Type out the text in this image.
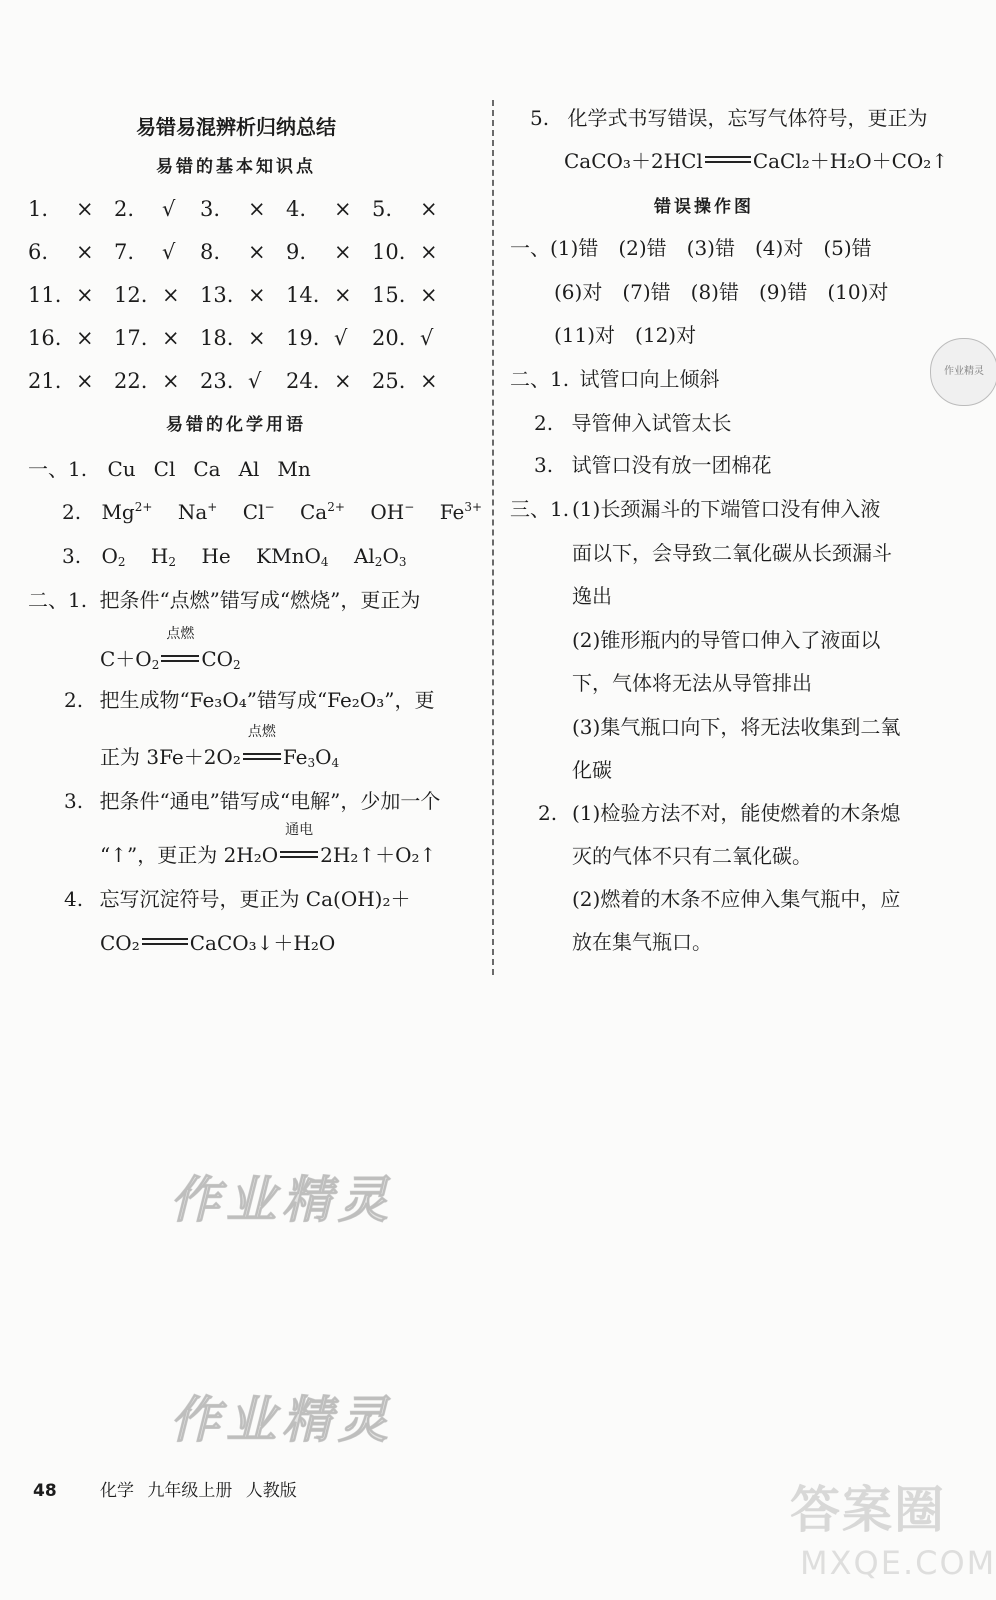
易错易混辨析归纳总结
易错的基本知识点
1. × 2. √ 3. × 4. × 5. ×
6. × 7. √ 8. × 9. × 10. ×
11. × 12. × 13. × 14. × 15. ×
16. × 17. × 18. × 19. √ 20. √
21. × 22. × 23. √ 24. × 25. ×
易错的化学用语
一、1. Cu Cl Ca Al Mn
2. $Mg^{2+}$    Na+    Cl−    $Ca^{2+}$    OH−    $Fe^{3+}$
3. $O_2$    $H_2$ He KMnO$_4$    $Al_2O_3$
二、1. 把条件“点燃”错写成“燃烧”，更正为
$C+O_2$
点燃
$CO_2$
2. 把生成物“Fe₃O₄”错写成“Fe₂O₃”，更
正为 3Fe＋2O₂
点燃
$Fe_3O_4$
3. 把条件“通电”错写成“电解”，少加一个
“↑”，更正为 2H₂O
通电
2H₂↑＋O₂↑
4. 忘写沉淀符号，更正为 Ca(OH)₂＋
CO₂	CaCO₃↓＋H₂O
5. 化学式书写错误，忘写气体符号，更正为
CaCO₃＋2HCl	CaCl₂＋H₂O＋CO₂↑
错误操作图
一、(1)错　(2)错　(3)错　(4)对　(5)错
(6)对　(7)错　(8)错　(9)错　(10)对
(11)对　(12)对
二、1. 试管口向上倾斜
2. 导管伸入试管太长
3. 试管口没有放一团棉花
三、1. (1)长颈漏斗的下端管口没有伸入液
面以下，会导致二氧化碳从长颈漏斗
逸出
(2)锥形瓶内的导管口伸入了液面以
下，气体将无法从导管排出
(3)集气瓶口向下，将无法收集到二氧
化碳
2. (1)检验方法不对，能使燃着的木条熄
灭的气体不只有二氧化碳。
(2)燃着的木条不应伸入集气瓶中，应
放在集气瓶口。
作业精灵
作业精灵
作业精灵
48	化学 九年级上册 人教版	答案圈
MXQE.COM
